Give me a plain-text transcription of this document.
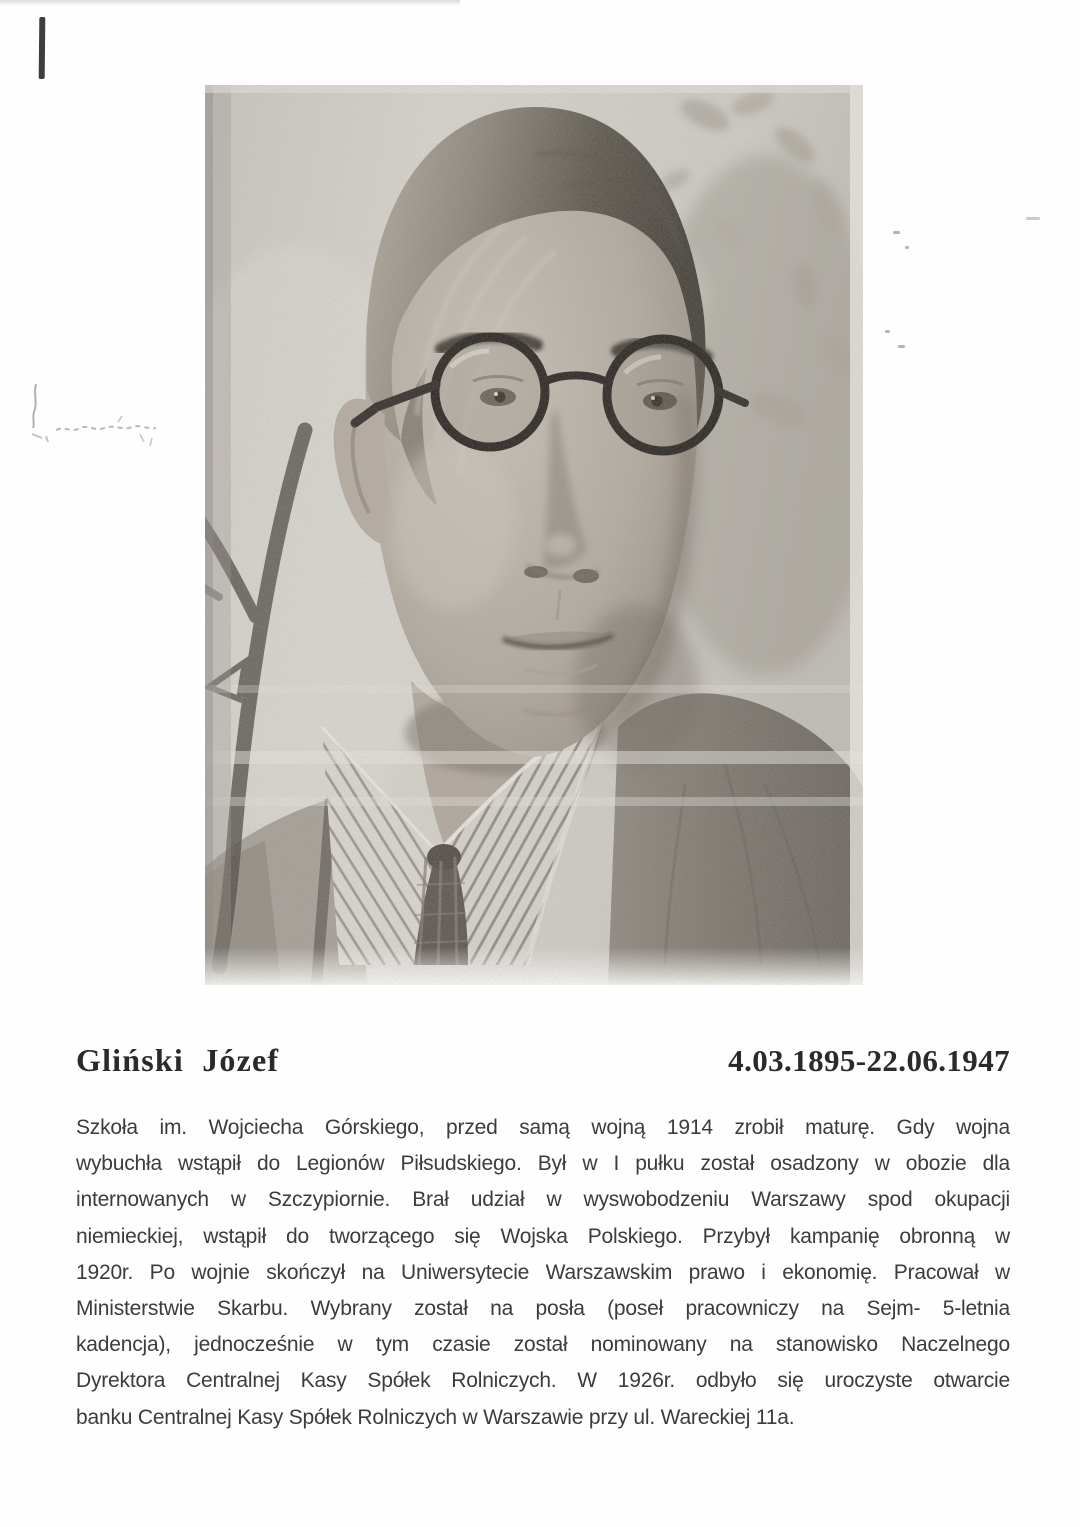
Gliński Józef	4.03.1895-22.06.1947
Szkoła im. Wojciecha Górskiego, przed samą wojną 1914 zrobił maturę. Gdy wojna
wybuchła wstąpił do Legionów Piłsudskiego. Był w I pułku został osadzony w obozie dla
internowanych w Szczypiornie. Brał udział w wyswobodzeniu Warszawy spod okupacji
niemieckiej, wstąpił do tworzącego się Wojska Polskiego. Przybył kampanię obronną w
1920r. Po wojnie skończył na Uniwersytecie Warszawskim prawo i ekonomię. Pracował w
Ministerstwie Skarbu. Wybrany został na posła (poseł pracowniczy na Sejm- 5-letnia
kadencja), jednocześnie w tym czasie został nominowany na stanowisko Naczelnego
Dyrektora Centralnej Kasy Spółek Rolniczych. W 1926r. odbyło się uroczyste otwarcie
banku Centralnej Kasy Spółek Rolniczych w Warszawie przy ul. Wareckiej 11a.
